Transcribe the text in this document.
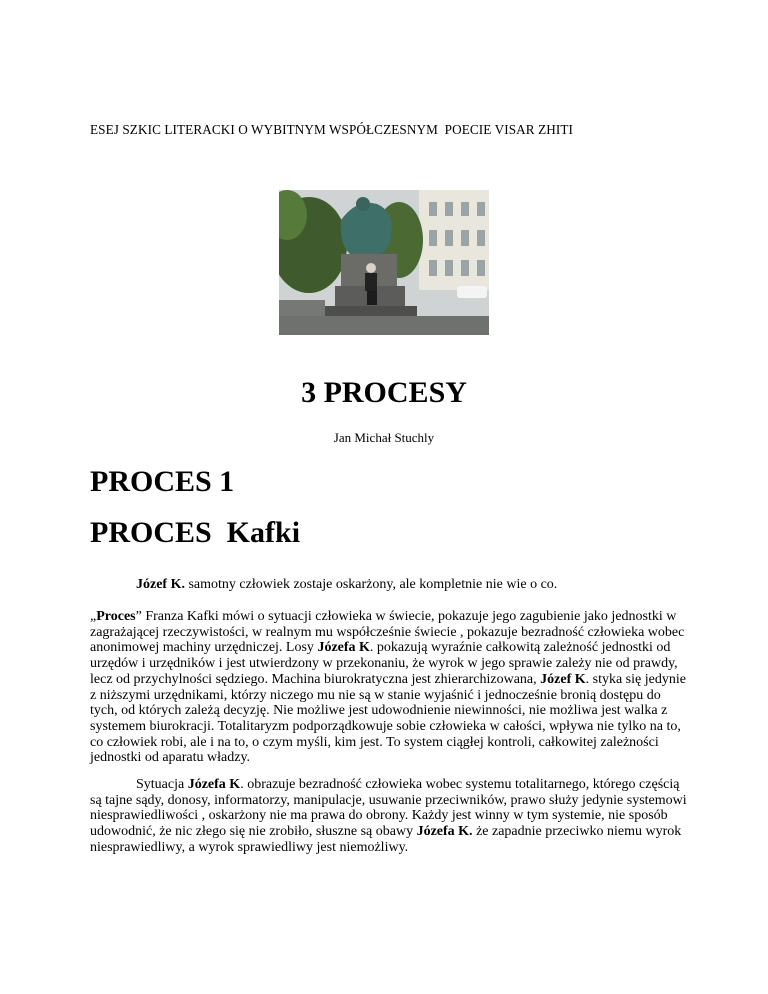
ESEJ SZKIC LITERACKI O WYBITNYM WSPÓŁCZESNYM  POECIE VISAR ZHITI
3 PROCESY
Jan Michał Stuchly
PROCES 1
PROCES  Kafki
Józef K. samotny człowiek zostaje oskarżony, ale kompletnie nie wie o co.
„Proces” Franza Kafki mówi o sytuacji człowieka w świecie, pokazuje jego zagubienie jako jednostki w zagrażającej rzeczywistości, w realnym mu współcześnie świecie , pokazuje bezradność człowieka wobec anonimowej machiny urzędniczej. Losy Józefa K. pokazują wyraźnie całkowitą zależność jednostki od urzędów i urzędników i jest utwierdzony w przekonaniu, że wyrok w jego sprawie zależy nie od prawdy, lecz od przychylności sędziego. Machina biurokratyczna jest zhierarchizowana, Józef K. styka się jedynie z niższymi urzędnikami, którzy niczego mu nie są w stanie wyjaśnić i jednocześnie bronią dostępu do tych, od których zależą decyzję. Nie możliwe jest udowodnienie niewinności, nie możliwa jest walka z systemem biurokracji. Totalitaryzm podporządkowuje sobie człowieka w całości, wpływa nie tylko na to, co człowiek robi, ale i na to, o czym myśli, kim jest. To system ciągłej kontroli, całkowitej zależności jednostki od aparatu władzy.
Sytuacja Józefa K. obrazuje bezradność człowieka wobec systemu totalitarnego, którego częścią są tajne sądy, donosy, informatorzy, manipulacje, usuwanie przeciwników, prawo służy jedynie systemowi niesprawiedliwości , oskarżony nie ma prawa do obrony. Każdy jest winny w tym systemie, nie sposób udowodnić, że nic złego się nie zrobiło, słuszne są obawy Józefa K. że zapadnie przeciwko niemu wyrok niesprawiedliwy, a wyrok sprawiedliwy jest niemożliwy.
